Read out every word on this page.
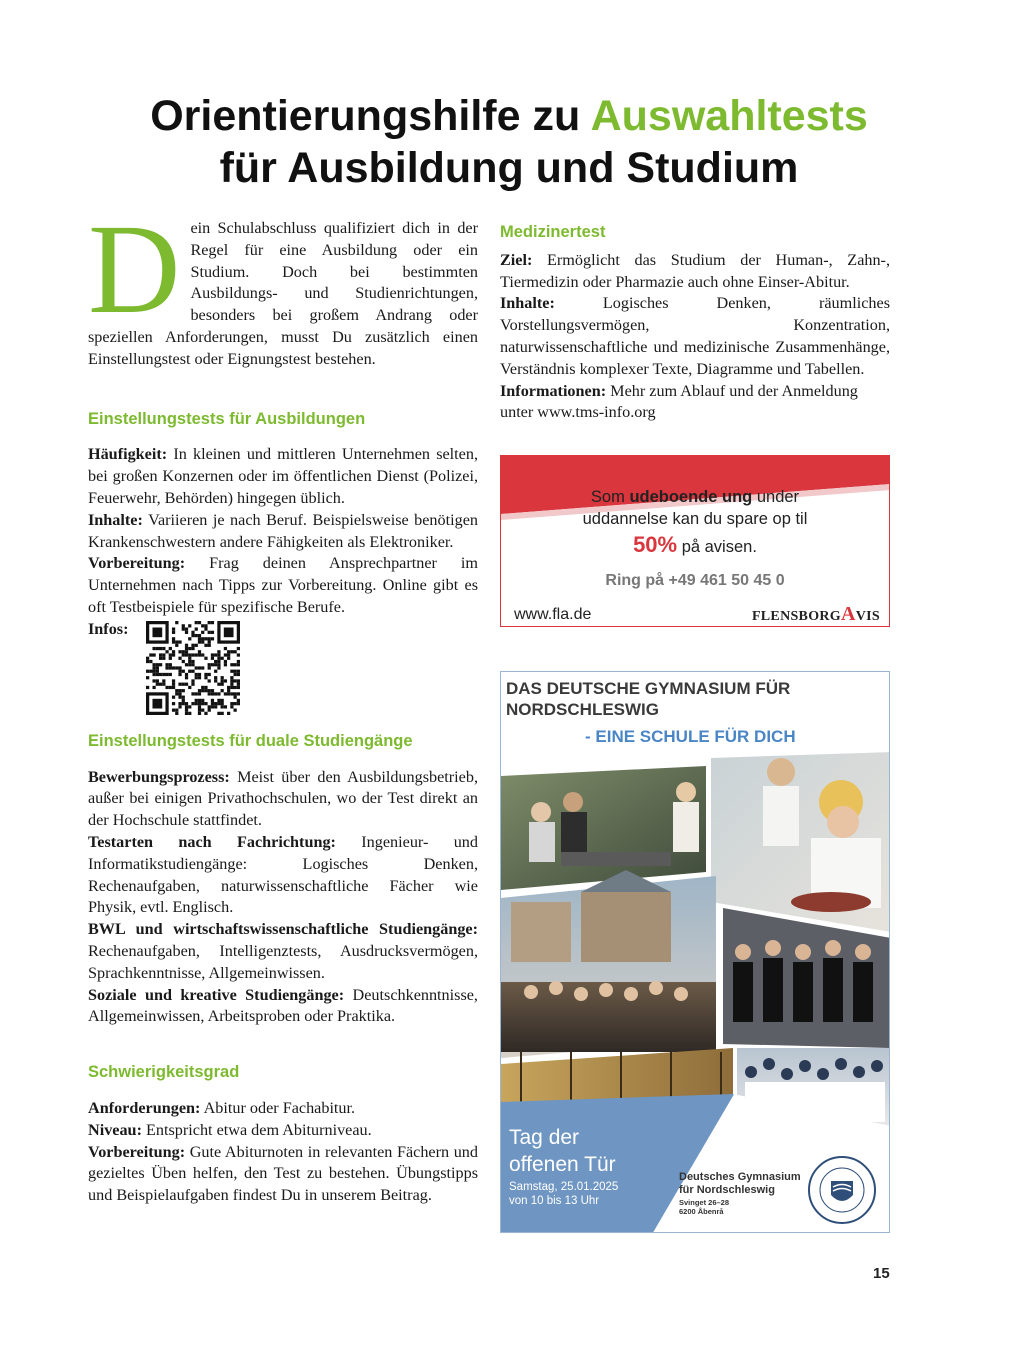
Orientierungshilfe zu Auswahltests
für Ausbildung und Studium

Dein Schulabschluss qualifiziert dich in der Regel für eine Ausbildung oder ein Studium. Doch bei bestimmten Ausbildungs- und Studienrichtungen, besonders bei großem Andrang oder speziellen Anforderungen, musst Du zusätzlich einen Einstellungstest oder Eignungstest bestehen.

Einstellungstests für Ausbildungen

Häufigkeit: In kleinen und mittleren Unternehmen selten, bei großen Konzernen oder im öffentlichen Dienst (Polizei, Feuerwehr, Behörden) hingegen üblich.

Inhalte: Variieren je nach Beruf. Beispielsweise benötigen Krankenschwestern andere Fähigkeiten als Elektroniker.

Vorbereitung: Frag deinen Ansprechpartner im Unternehmen nach Tipps zur Vorbereitung. Online gibt es oft Testbeispiele für spezifische Berufe.

Infos:
Einstellungstests für duale Studiengänge

Bewerbungsprozess: Meist über den Ausbildungsbetrieb, außer bei einigen Privathochschulen, wo der Test direkt an der Hochschule stattfindet.

Testarten nach Fachrichtung: Ingenieur- und Informatikstudiengänge: Logisches Denken, Rechenaufgaben, naturwissenschaftliche Fächer wie Physik, evtl. Englisch.

BWL und wirtschaftswissenschaftliche Studiengänge: Rechenaufgaben, Intelligenztests, Ausdrucksvermögen, Sprachkenntnisse, Allgemeinwissen.

Soziale und kreative Studiengänge: Deutschkenntnisse, Allgemeinwissen, Arbeitsproben oder Praktika.

Schwierigkeitsgrad

Anforderungen: Abitur oder Fachabitur.

Niveau: Entspricht etwa dem Abiturniveau.

Vorbereitung: Gute Abiturnoten in relevanten Fächern und gezieltes Üben helfen, den Test zu bestehen. Übungstipps und Beispielaufgaben findest Du in unserem Beitrag.

Medizinertest

Ziel: Ermöglicht das Studium der Human-, Zahn-, Tiermedizin oder Pharmazie auch ohne Einser-Abitur.

Inhalte: Logisches Denken, räumliches Vorstellungsvermögen, Konzentration, naturwissenschaftliche und medizinische Zusammenhänge, Verständnis komplexer Texte, Diagramme und Tabellen.

Informationen: Mehr zum Ablauf und der Anmeldung unter www.tms-info.org

Som udeboende ung under
uddannelse kan du spare op til
50% på avisen.
Ring på +49 461 50 45 0
www.fla.de	FLENSBORGAVIS
DAS DEUTSCHE GYMNASIUM FÜR
NORDSCHLESWIG
- EINE SCHULE FÜR DICH
Tag der
offenen Tür
Samstag, 25.01.2025
von 10 bis 13 Uhr
Deutsches Gymnasium
für Nordschleswig
Svinget 26–28
6200 Åbenrå
15
